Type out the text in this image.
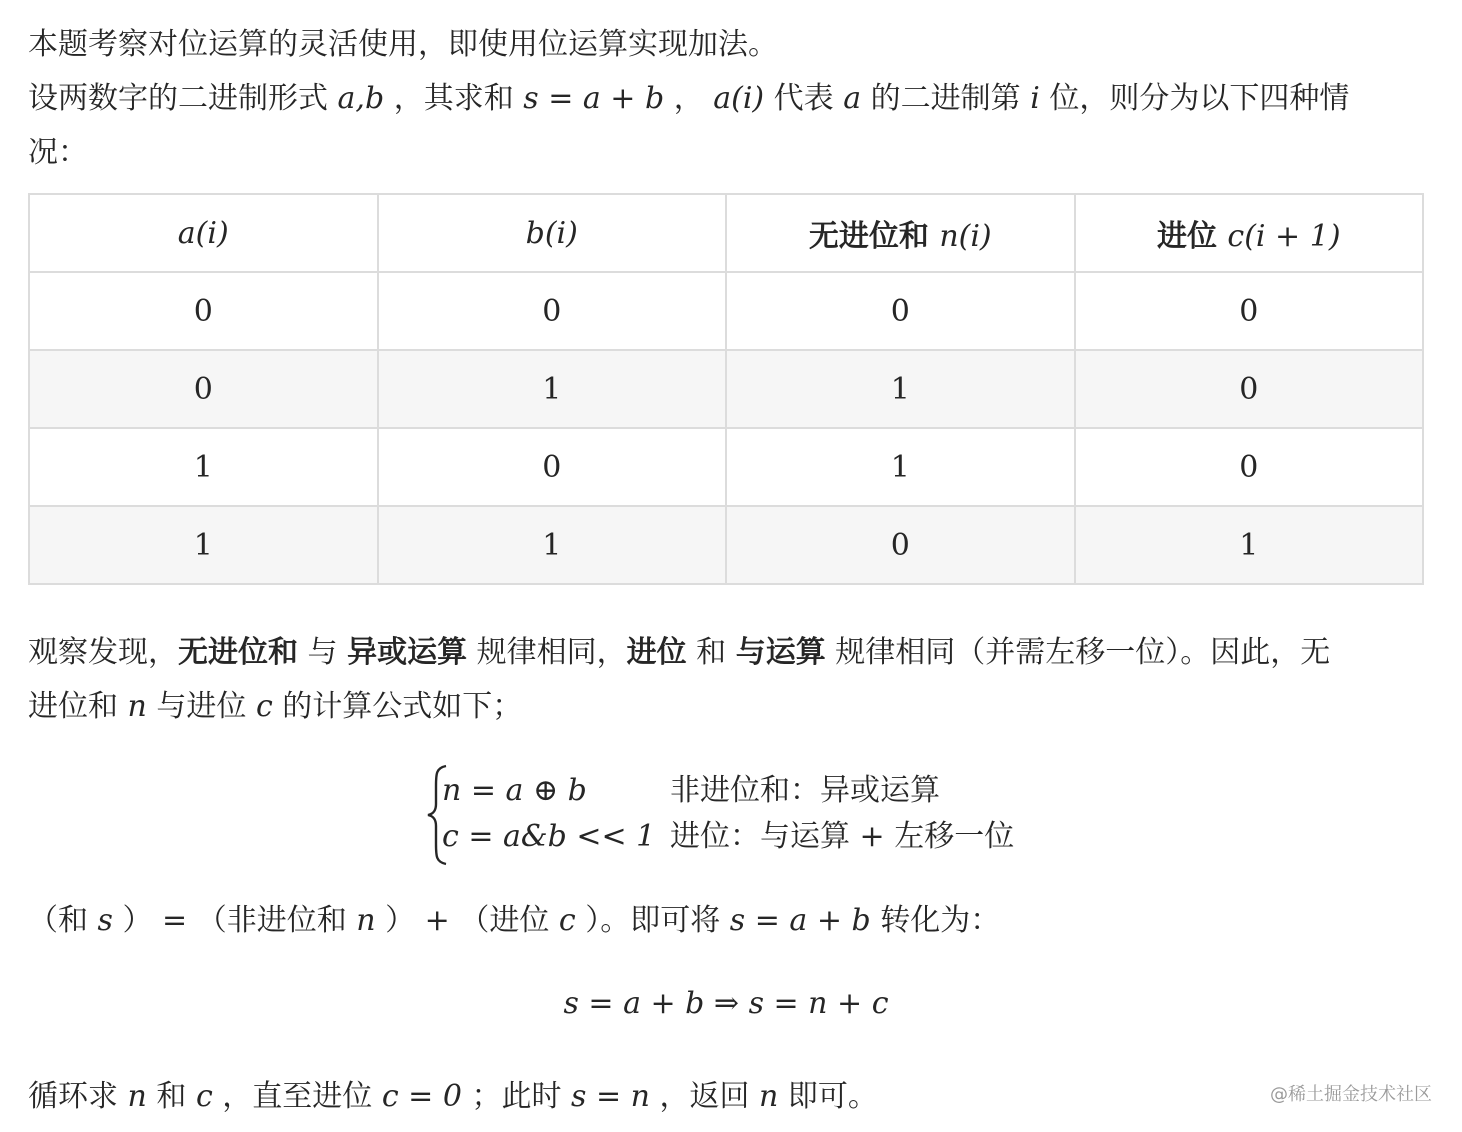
本题考察对位运算的灵活使用，即使用位运算实现加法。

设两数字的二进制形式 a,b ，其求和 s = a + b ， a(i) 代表 a 的二进制第 i 位，则分为以下四种情

况：

a(i)	b(i)	无进位和 n(i)	进位 c(i + 1)
0	0	0	0
0	1	1	0
1	0	1	0
1	1	0	1

观察发现，无进位和 与 异或运算 规律相同，进位 和 与运算 规律相同（并需左移一位）。因此，无

进位和 n 与进位 c 的计算公式如下；

n = a ⊕ b	非进位和：异或运算
c = a&b << 1 进位：与运算 + 左移一位

（和 s ） = （非进位和 n ） + （进位 c ）。即可将 s = a + b 转化为：

s = a + b ⇒ s = n + c

循环求 n 和 c ，直至进位 c = 0 ；此时 s = n ，返回 n 即可。	@稀土掘金技术社区
